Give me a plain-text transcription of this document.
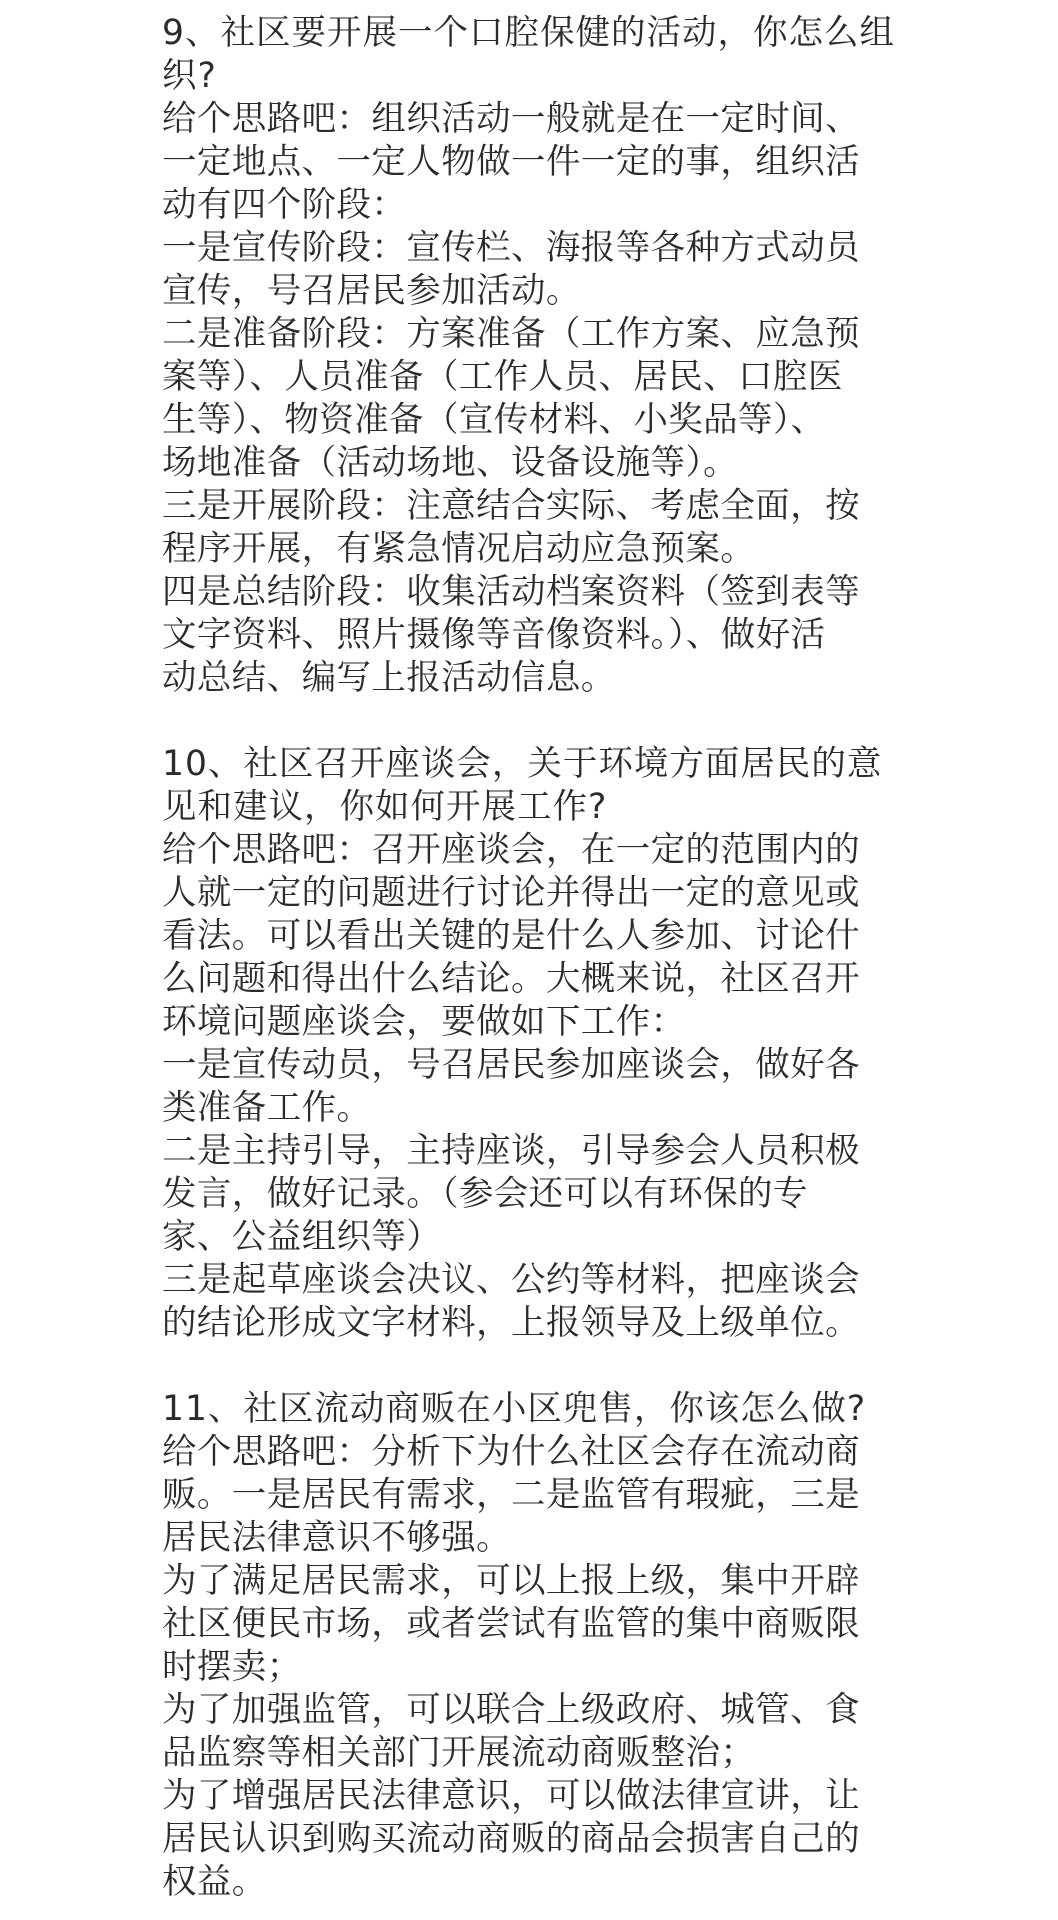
9、社区要开展一个口腔保健的活动，你怎么组
织?
给个思路吧：组织活动一般就是在一定时间、
一定地点、一定人物做一件一定的事，组织活
动有四个阶段：
一是宣传阶段：宣传栏、海报等各种方式动员
宣传，号召居民参加活动。
二是准备阶段：方案准备（工作方案、应急预
案等）、人员准备（工作人员、居民、口腔医
生等）、物资准备（宣传材料、小奖品等）、
场地准备（活动场地、设备设施等）。
三是开展阶段：注意结合实际、考虑全面，按
程序开展，有紧急情况启动应急预案。
四是总结阶段：收集活动档案资料（签到表等
文字资料、照片摄像等音像资料。）、做好活
动总结、编写上报活动信息。
10、社区召开座谈会，关于环境方面居民的意
见和建议，你如何开展工作?
给个思路吧：召开座谈会，在一定的范围内的
人就一定的问题进行讨论并得出一定的意见或
看法。可以看出关键的是什么人参加、讨论什
么问题和得出什么结论。大概来说，社区召开
环境问题座谈会，要做如下工作：
一是宣传动员，号召居民参加座谈会，做好各
类准备工作。
二是主持引导，主持座谈，引导参会人员积极
发言，做好记录。（参会还可以有环保的专
家、公益组织等）
三是起草座谈会决议、公约等材料，把座谈会
的结论形成文字材料，上报领导及上级单位。
11、社区流动商贩在小区兜售，你该怎么做?
给个思路吧：分析下为什么社区会存在流动商
贩。一是居民有需求，二是监管有瑕疵，三是
居民法律意识不够强。
为了满足居民需求，可以上报上级，集中开辟
社区便民市场，或者尝试有监管的集中商贩限
时摆卖；
为了加强监管，可以联合上级政府、城管、食
品监察等相关部门开展流动商贩整治；
为了增强居民法律意识，可以做法律宣讲，让
居民认识到购买流动商贩的商品会损害自己的
权益。
